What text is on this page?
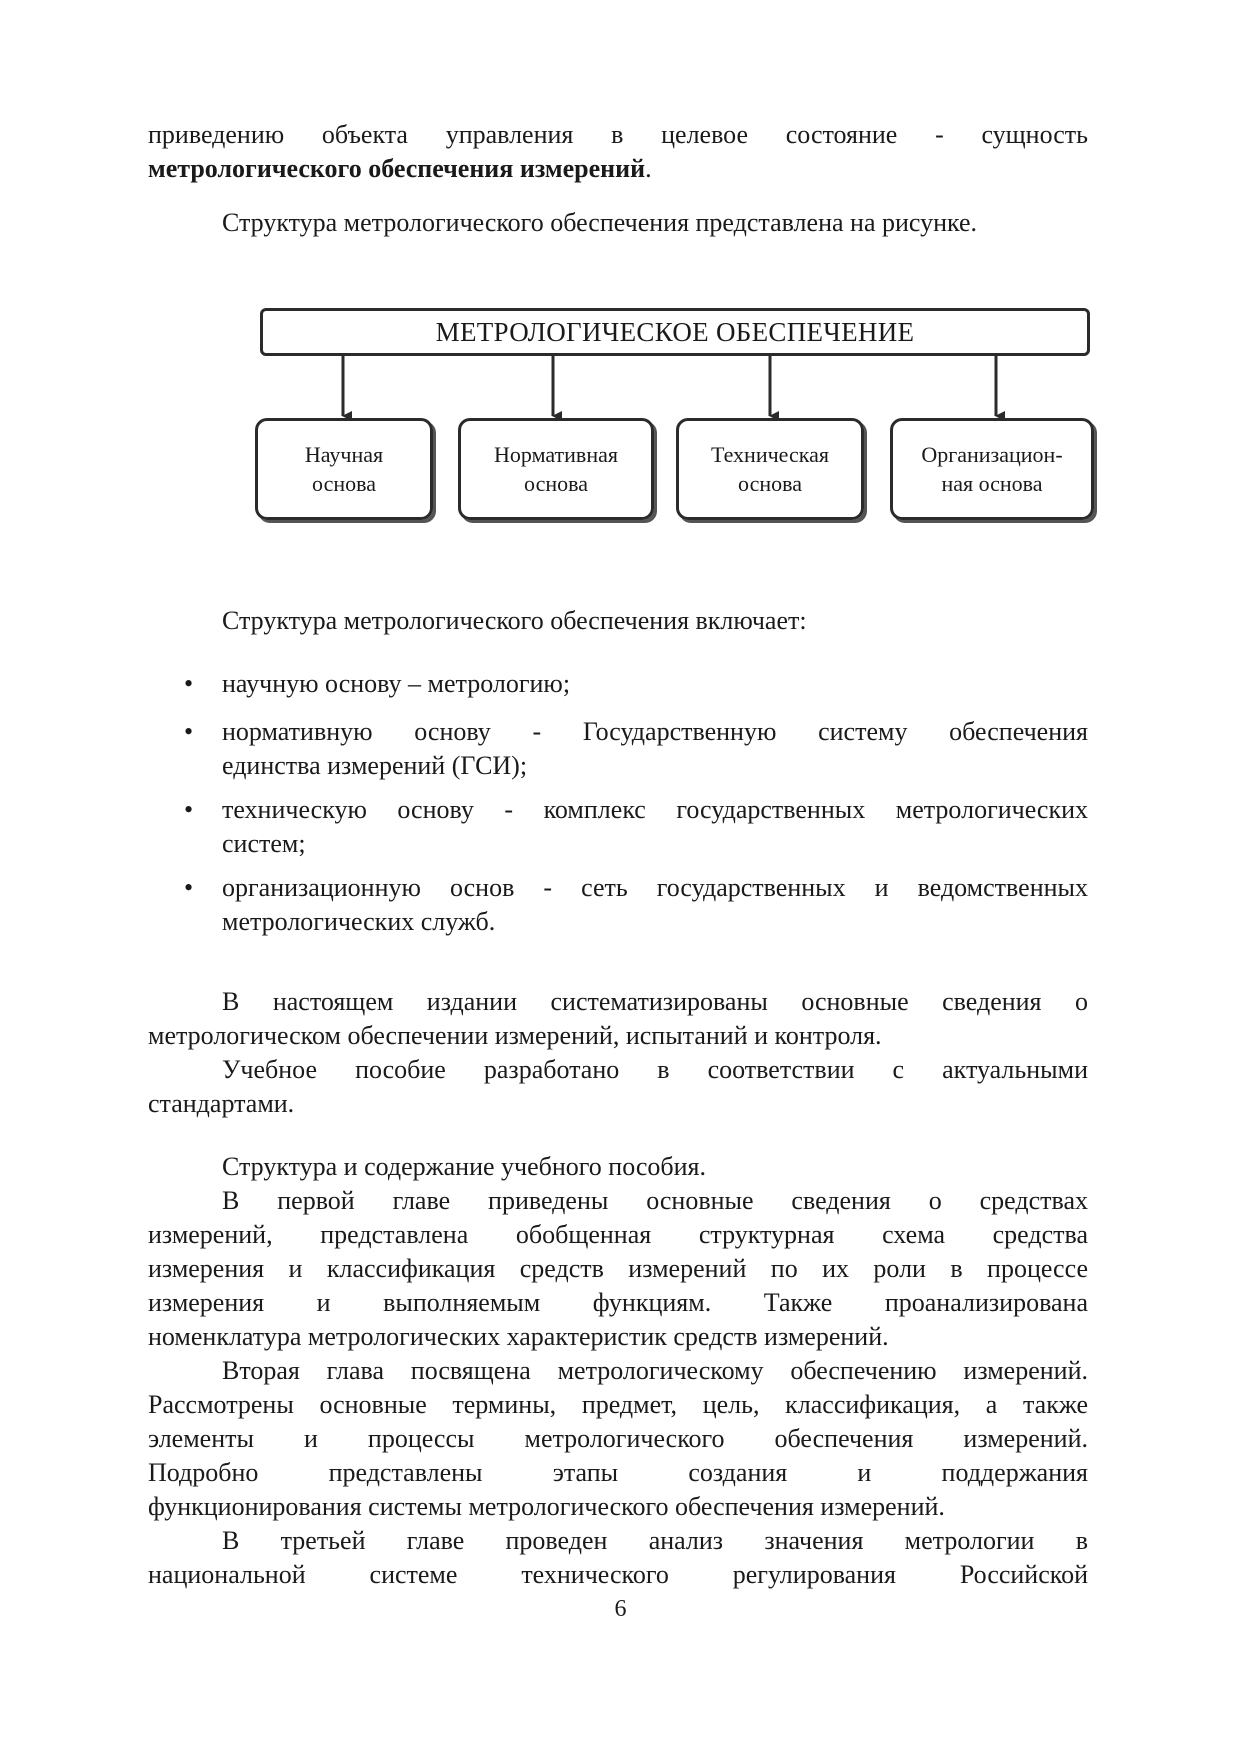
приведению объекта управления в целевое состояние - сущность
метрологического обеспечения измерений.
Структура метрологического обеспечения представлена на рисунке.
МЕТРОЛОГИЧЕСКОЕ ОБЕСПЕЧЕНИЕ
Научная
основа
Нормативная
основа
Техническая
основа
Организацион-
ная основа
Структура метрологического обеспечения включает:
• научную основу – метрологию;
• нормативную основу - Государственную систему обеспечения
единства измерений (ГСИ);
• техническую основу - комплекс государственных метрологических
систем;
• организационную основ - сеть государственных и ведомственных
метрологических служб.
В настоящем издании систематизированы основные сведения о
метрологическом обеспечении измерений, испытаний и контроля.
Учебное пособие разработано в соответствии с актуальными
стандартами.
Структура и содержание учебного пособия.
В первой главе приведены основные сведения о средствах
измерений, представлена обобщенная структурная схема средства
измерения и классификация средств измерений по их роли в процессе
измерения и выполняемым функциям. Также проанализирована
номенклатура метрологических характеристик средств измерений.
Вторая глава посвящена метрологическому обеспечению измерений.
Рассмотрены основные термины, предмет, цель, классификация, а также
элементы и процессы метрологического обеспечения измерений.
Подробно представлены этапы создания и поддержания
функционирования системы метрологического обеспечения измерений.
В третьей главе проведен анализ значения метрологии в
национальной системе технического регулирования Российской
6
